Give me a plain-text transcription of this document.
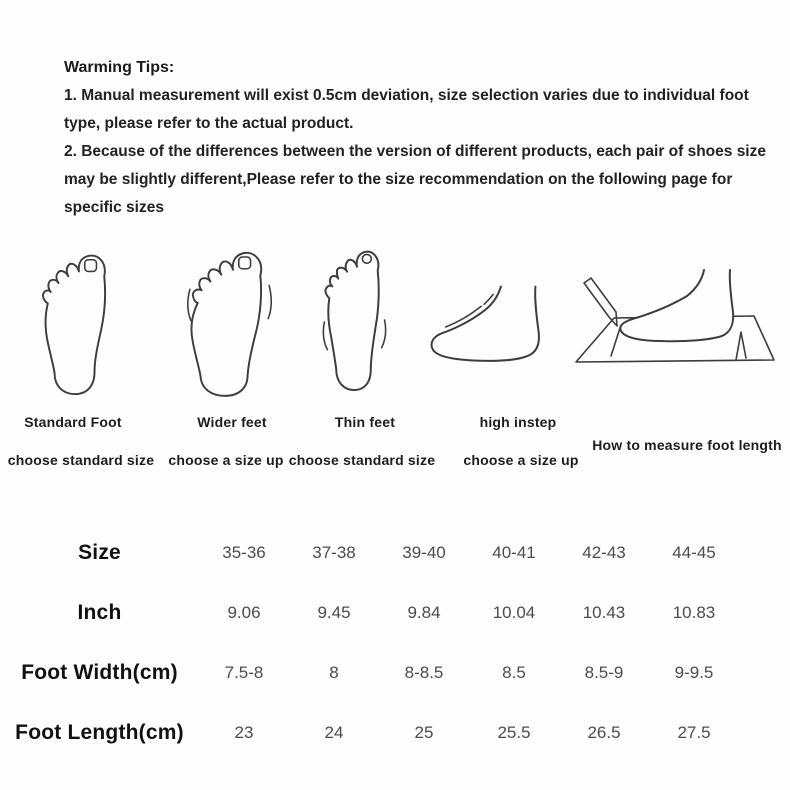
Warming Tips:
1. Manual measurement will exist 0.5cm deviation, size selection varies due to individual foot
type, please refer to the actual product.
2. Because of the differences between the version of different products, each pair of shoes size
may be slightly different,Please refer to the size recommendation on the following page for
specific sizes
Standard Foot	Wider feet	Thin feet	high instep
How to measure foot length
choose standard size choose a size up choose standard size choose a size up
Size	35-36	37-38	39-40	40-41	42-43	44-45
Inch	9.06	9.45	9.84	10.04	10.43	10.83
Foot Width(cm)	7.5-8	8	8-8.5	8.5	8.5-9	9-9.5
Foot Length(cm)	23	24	25	25.5	26.5	27.5
